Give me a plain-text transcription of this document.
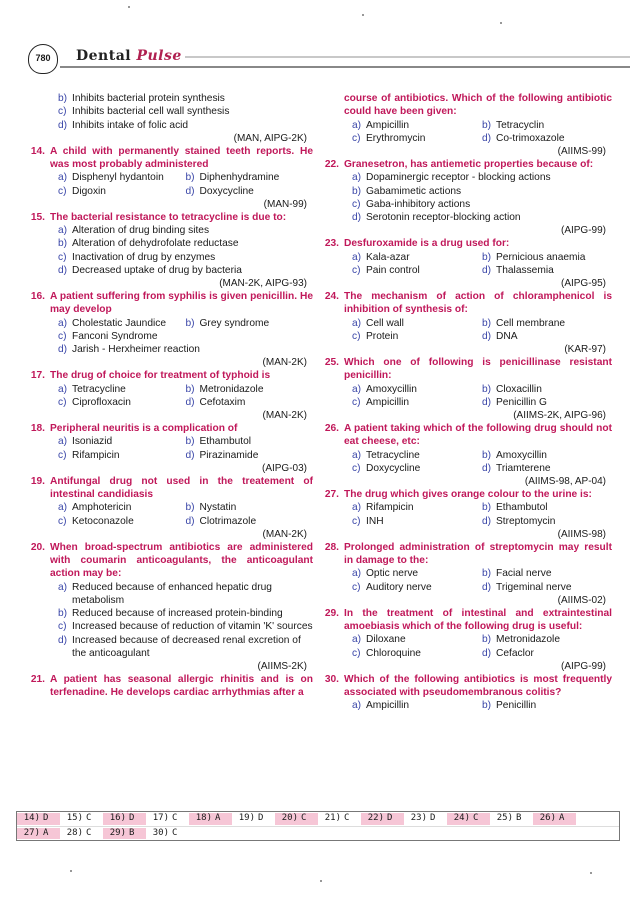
780 Dental Pulse
b) Inhibits bacterial protein synthesis
c) Inhibits bacterial cell wall synthesis
d) Inhibits intake of folic acid
(MAN, AIPG-2K)
14. A child with permanently stained teeth reports. He was most probably administered
a) Disphenyl hydantoin	b) Diphenhydramine
c) Digoxin	d) Doxycycline
(MAN-99)
15. The bacterial resistance to tetracycline is due to:
a) Alteration of drug binding sites
b) Alteration of dehydrofolate reductase
c) Inactivation of drug by enzymes
d) Decreased uptake of drug by bacteria
(MAN-2K, AIPG-93)
16. A patient suffering from syphilis is given penicillin. He may develop
a) Cholestatic Jaundice	b) Grey syndrome
c) Fanconi Syndrome
d) Jarish - Herxheimer reaction
(MAN-2K)
17. The drug of choice for treatment of typhoid is
a) Tetracycline	b) Metronidazole
c) Ciprofloxacin	d) Cefotaxim
(MAN-2K)
18. Peripheral neuritis is a complication of
a) Isoniazid	b) Ethambutol
c) Rifampicin	d) Pirazinamide
(AIPG-03)
19. Antifungal drug not used in the treatement of intestinal candidiasis
a) Amphotericin	b) Nystatin
c) Ketoconazole	d) Clotrimazole
(MAN-2K)
20. When broad-spectrum antibiotics are administered with coumarin anticoagulants, the anticoagulant action may be:
a) Reduced because of enhanced hepatic drug metabolism
b) Reduced because of increased protein-binding
c) Increased because of reduction of vitamin 'K' sources
d) Increased because of decreased renal excretion of the anticoagulant
(AIIMS-2K)
21. A patient has seasonal allergic rhinitis and is on terfenadine. He develops cardiac arrhythmias after a
course of antibiotics. Which of the following antibiotic could have been given:
a) Ampicillin	b) Tetracyclin
c) Erythromycin	d) Co-trimoxazole
(AIIMS-99)
22. Granesetron, has antiemetic properties because of:
a) Dopaminergic receptor - blocking actions
b) Gabamimetic actions
c) Gaba-inhibitory actions
d) Serotonin receptor-blocking action
(AIPG-99)
23. Desfuroxamide is a drug used for:
a) Kala-azar	b) Pernicious anaemia
c) Pain control	d) Thalassemia
(AIPG-95)
24. The mechanism of action of chloramphenicol is inhibition of synthesis of:
a) Cell wall	b) Cell membrane
c) Protein	d) DNA
(KAR-97)
25. Which one of following is penicillinase resistant penicillin:
a) Amoxycillin	b) Cloxacillin
c) Ampicillin	d) Penicillin G
(AIIMS-2K, AIPG-96)
26. A patient taking which of the following drug should not eat cheese, etc:
a) Tetracycline	b) Amoxycillin
c) Doxycycline	d) Triamterene
(AIIMS-98, AP-04)
27. The drug which gives orange colour to the urine is:
a) Rifampicin	b) Ethambutol
c) INH	d) Streptomycin
(AIIMS-98)
28. Prolonged administration of streptomycin may result in damage to the:
a) Optic nerve	b) Facial nerve
c) Auditory nerve	d) Trigeminal nerve
(AIIMS-02)
29. In the treatment of intestinal and extraintestinal amoebiasis which of the following drug is useful:
a) Diloxane	b) Metronidazole
c) Chloroquine	d) Cefaclor
(AIPG-99)
30. Which of the following antibiotics is most frequently associated with pseudomembranous colitis?
a) Ampicillin	b) Penicillin
14) D	15) C	16) D	17) C	18) A	19) D	20) C	21) C	22) D	23) D	24) C	25) B	26) A
27) A	28) C	29) B	30) C
